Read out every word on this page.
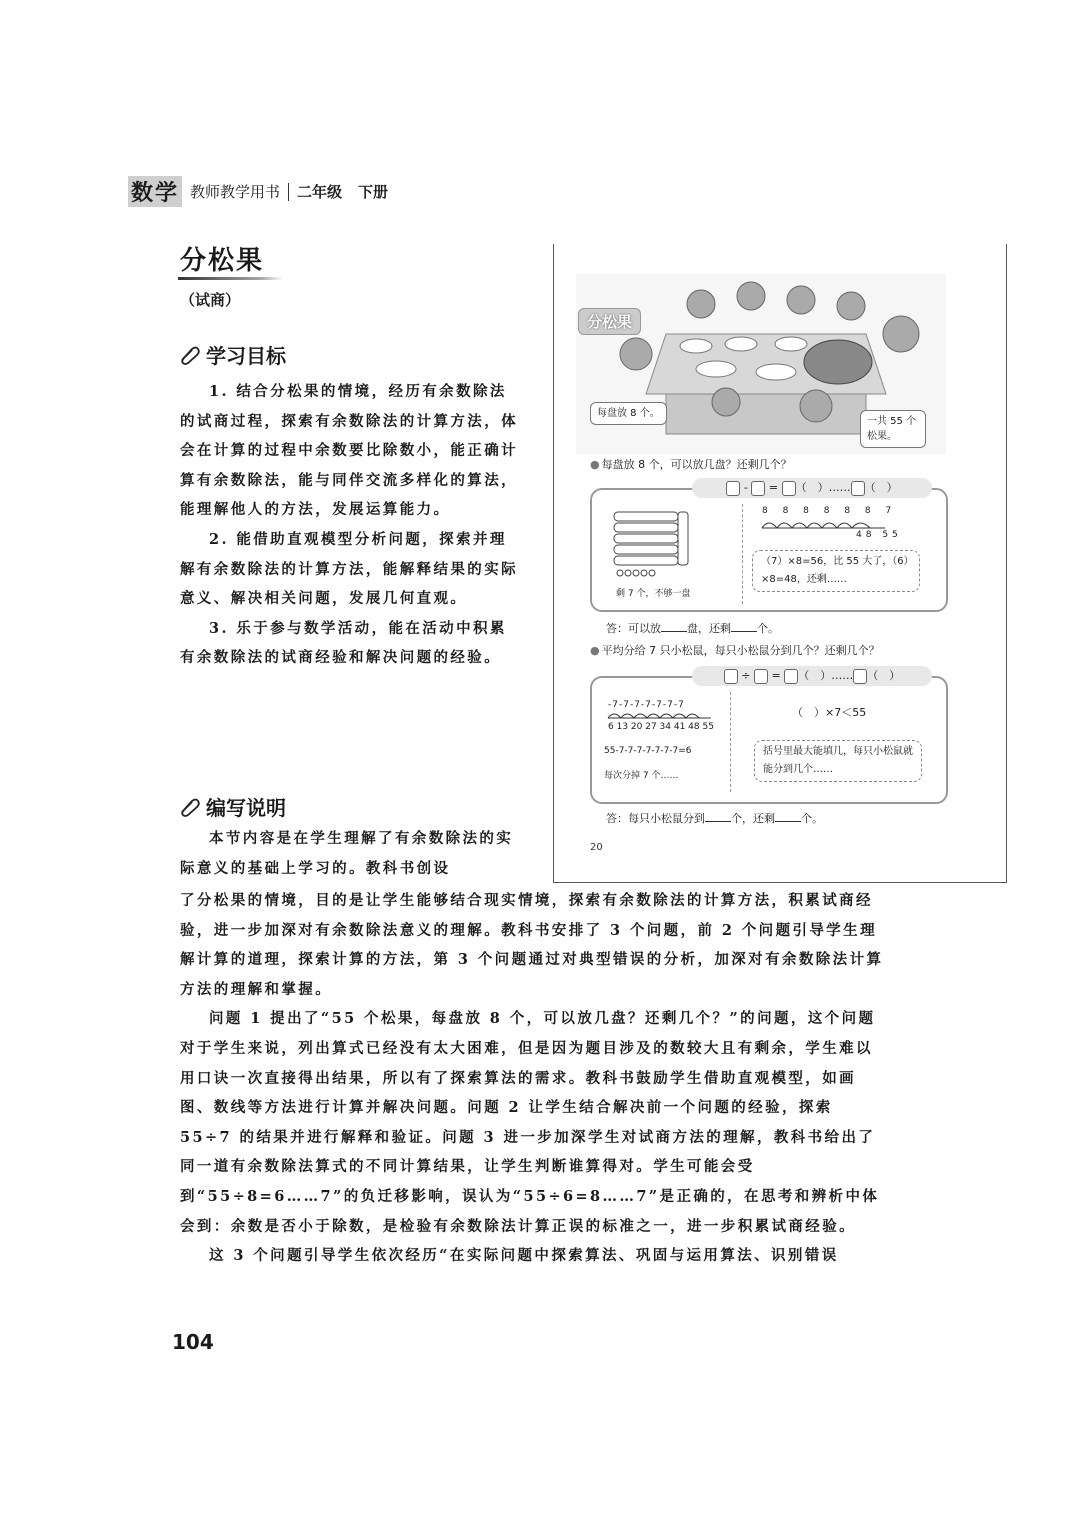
数学 教师教学用书 二年级 下册
分松果
（试商）
学习目标

1. 结合分松果的情境，经历有余数除法的试商过程，探索有余数除法的计算方法，体会在计算的过程中余数要比除数小，能正确计算有余数除法，能与同伴交流多样化的算法，能理解他人的方法，发展运算能力。

2. 能借助直观模型分析问题，探索并理解有余数除法的计算方法，能解释结果的实际意义、解决相关问题，发展几何直观。

3. 乐于参与数学活动，能在活动中积累有余数除法的试商经验和解决问题的经验。

编写说明

本节内容是在学生理解了有余数除法的实际意义的基础上学习的。教科书创设

了分松果的情境，目的是让学生能够结合现实情境，探索有余数除法的计算方法，积累试商经验，进一步加深对有余数除法意义的理解。教科书安排了 3 个问题，前 2 个问题引导学生理解计算的道理，探索计算的方法，第 3 个问题通过对典型错误的分析，加深对有余数除法计算方法的理解和掌握。

问题 1 提出了“55 个松果，每盘放 8 个，可以放几盘？还剩几个？”的问题，这个问题对于学生来说，列出算式已经没有太大困难，但是因为题目涉及的数较大且有剩余，学生难以用口诀一次直接得出结果，所以有了探索算法的需求。教科书鼓励学生借助直观模型，如画图、数线等方法进行计算并解决问题。问题 2 让学生结合解决前一个问题的经验，探索 55÷7 的结果并进行解释和验证。问题 3 进一步加深学生对试商方法的理解，教科书给出了同一道有余数除法算式的不同计算结果，让学生判断谁算得对。学生可能会受到“55÷8=6……7”的负迁移影响，误认为“55÷6=8……7”是正确的，在思考和辨析中体会到：余数是否小于除数，是检验有余数除法计算正误的标准之一，进一步积累试商经验。

这 3 个问题引导学生依次经历“在实际问题中探索算法、巩固与运用算法、识别错误

104
分松果
每盘放 8 个。
一共 55 个松果。
● 每盘放 8 个，可以放几盘？还剩几个？
-  = （　）…… （　）
剩 7 个，不够一盘
8 8 8 8 8 8 7
48 55
（7）×8=56，比 55 大了，（6）×8=48，还剩……
答：可以放 盘，还剩 个。
● 平均分给 7 只小松鼠，每只小松鼠分到几个？还剩几个？
÷  = （　）…… （　）
-7-7-7-7-7-7-7
6 13 20 27 34 41 48 55
55-7-7-7-7-7-7-7=6
每次分掉 7 个……
（　）×7＜55
括号里最大能填几，每只小松鼠就能分到几个……
答：每只小松鼠分到 个，还剩 个。
20
